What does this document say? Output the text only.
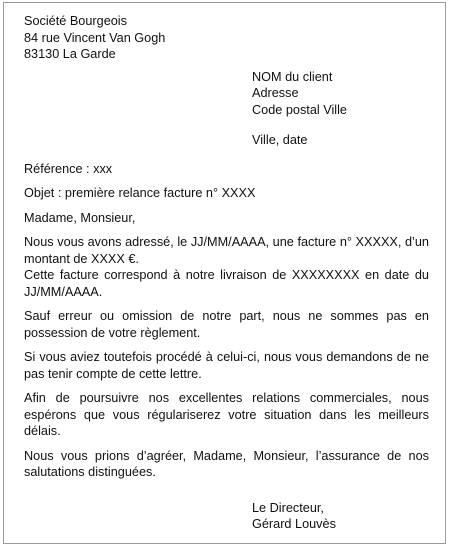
Société Bourgeois
84 rue Vincent Van Gogh
83130 La Garde
NOM du client
Adresse
Code postal Ville
Ville, date
Référence : xxx
Objet : première relance facture n° XXXX
Madame, Monsieur,
Nous vous avons adressé, le JJ/MM/AAAA, une facture n° XXXXX, d’un montant de XXXX €.
Cette facture correspond à notre livraison de XXXXXXXX en date du JJ/MM/AAAA.
Sauf erreur ou omission de notre part, nous ne sommes pas en possession de votre règlement.
Si vous aviez toutefois procédé à celui-ci, nous vous demandons de ne pas tenir compte de cette lettre.
Afin de poursuivre nos excellentes relations commerciales, nous espérons que vous régulariserez votre situation dans les meilleurs délais.
Nous vous prions d’agréer, Madame, Monsieur, l’assurance de nos salutations distinguées.
Le Directeur,
Gérard Louvès
